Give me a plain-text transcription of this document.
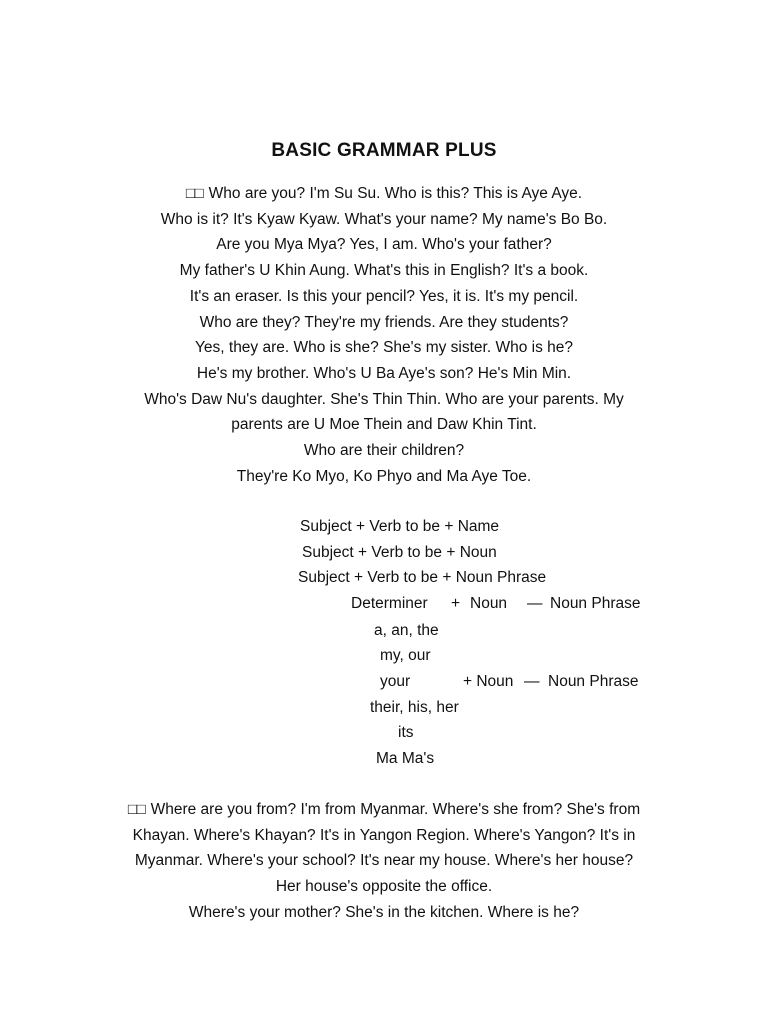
BASIC GRAMMAR PLUS
□□ Who are you? I'm Su Su. Who is this? This is Aye Aye.
Who is it? It's Kyaw Kyaw. What's your name? My name's Bo Bo.
Are you Mya Mya? Yes, I am. Who's your father?
My father's U Khin Aung. What's this in English? It's a book.
It's an eraser. Is this your pencil? Yes, it is. It's my pencil.
Who are they? They're my friends. Are they students?
Yes, they are. Who is she? She's my sister. Who is he?
He's my brother. Who's U Ba Aye's son? He's Min Min.
Who's Daw Nu's daughter. She's Thin Thin. Who are your parents. My
parents are U Moe Thein and Daw Khin Tint.
Who are their children?
They're Ko Myo, Ko Phyo and Ma Aye Toe.
Subject + Verb to be + Name
Subject + Verb to be + Noun
Subject + Verb to be + Noun Phrase
Determiner + Noun — Noun Phrase
a, an, the
my, our
your	+ Noun — Noun Phrase
their, his, her
its
Ma Ma's
□□ Where are you from? I'm from Myanmar. Where's she from? She's from
Khayan. Where's Khayan? It's in Yangon Region. Where's Yangon? It's in
Myanmar. Where's your school? It's near my house. Where's her house?
Her house's opposite the office.
Where's your mother? She's in the kitchen. Where is he?
